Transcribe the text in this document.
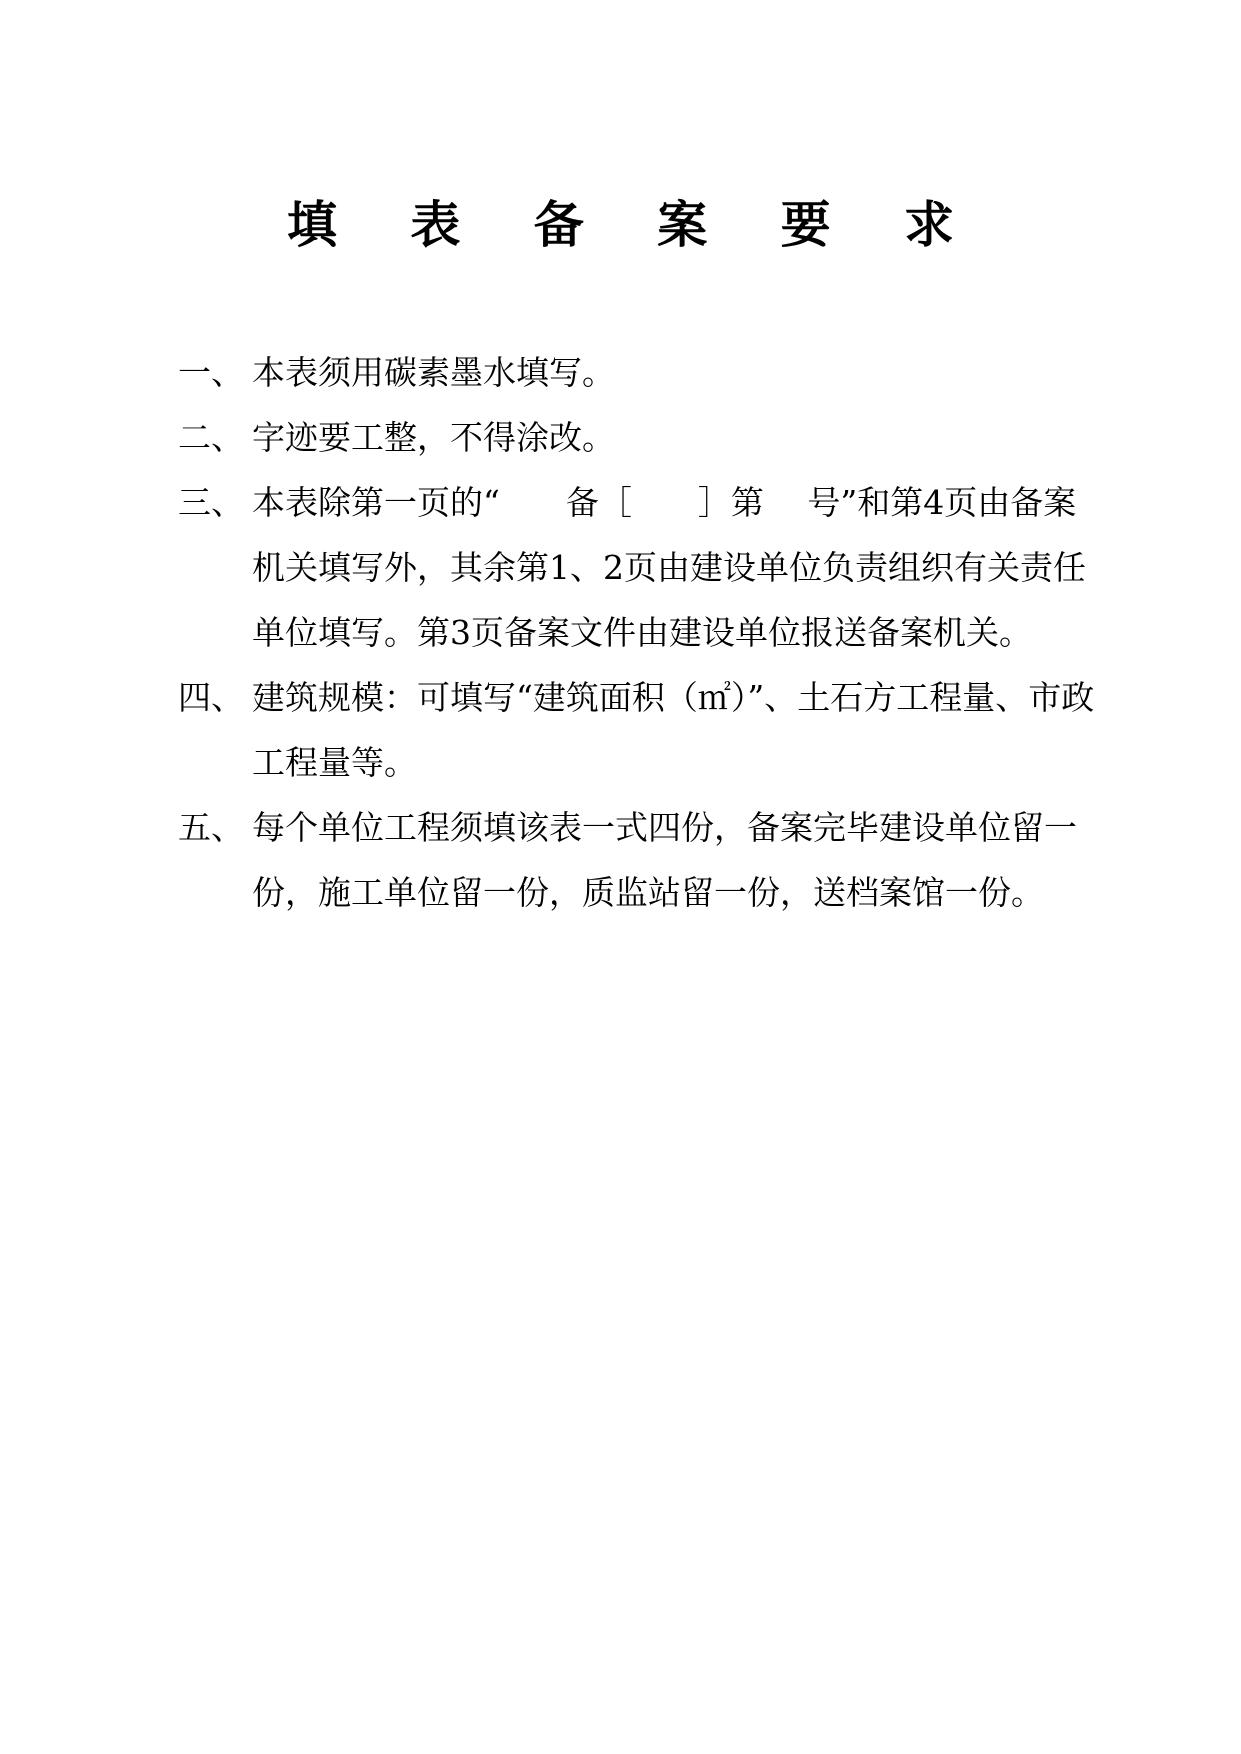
填 表 备 案 要 求
一、 本表须用碳素墨水填写。
二、 字迹要工整，不得涂改。
三、 本表除第一页的“　　备［　　］第　 号”和第4页由备案机关填写外，其余第1、2页由建设单位负责组织有关责任单位填写。第3页备案文件由建设单位报送备案机关。
四、 建筑规模：可填写“建筑面积（㎡）”、土石方工程量、市政工程量等。
五、 每个单位工程须填该表一式四份，备案完毕建设单位留一份，施工单位留一份，质监站留一份，送档案馆一份。
